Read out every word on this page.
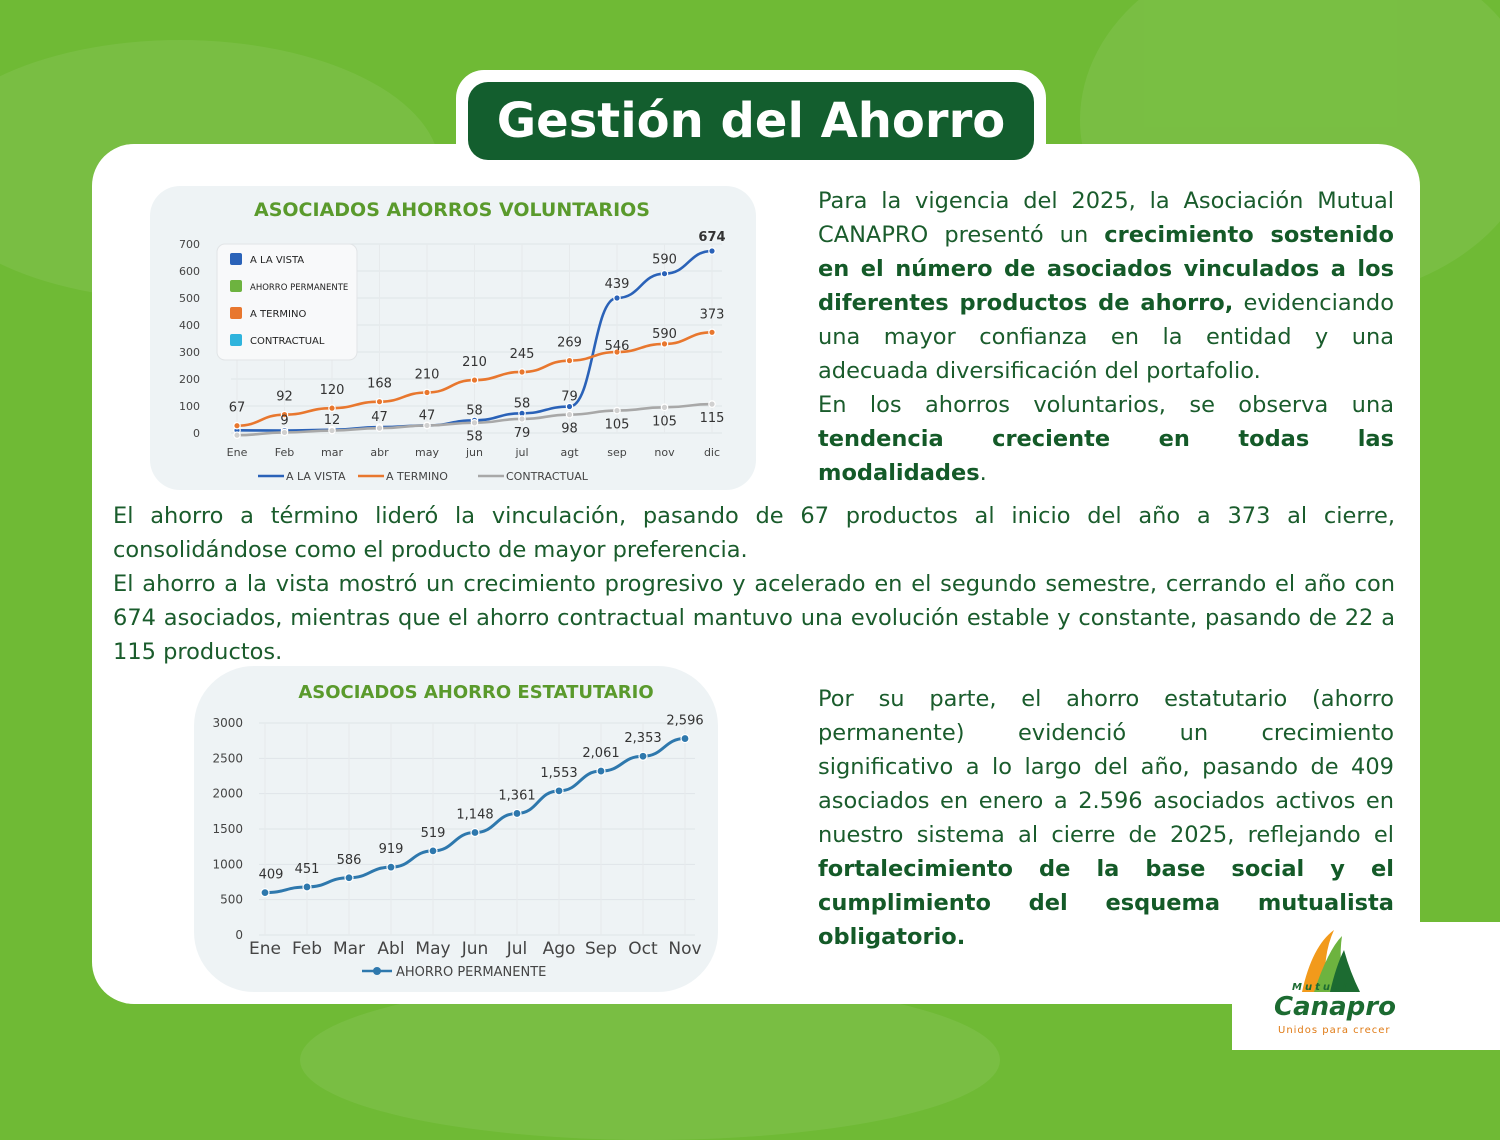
Gestión del Ahorro
ASOCIADOS AHORROS VOLUNTARIOS
0
100
200
300
400
500
600
700
Ene Feb mar abr may jun	jul	agt	sep	nov	dic
9	12 47 47 58 58 79
439
590
674
67
92 120 168
210
210
245
269 546
590
373
58 79 98 105 105 115
A LA VISTA
AHORRO PERMANENTE
A TERMINO
CONTRACTUAL
A LA VISTA	A TERMINO	CONTRACTUAL
ASOCIADOS AHORRO ESTATUTARIO
0
500
1000
1500
2000
2500
3000
Ene Feb Mar Abl May Jun Jul Ago Sep Oct Nov
409 451
586
919
519
1,148
1,361
1,553
2,061
2,353
2,596
AHORRO PERMANENTE

Para la vigencia del 2025, la Asociación Mutual CANAPRO presentó un crecimiento sostenido en el número de asociados vinculados a los diferentes productos de ahorro, evidenciando una mayor confianza en la entidad y una adecuada diversificación del portafolio.
En los ahorros voluntarios, se observa una tendencia creciente en todas las modalidades.

El ahorro a término lideró la vinculación, pasando de 67 productos al inicio del año a 373 al cierre, consolidándose como el producto de mayor preferencia.
El ahorro a la vista mostró un crecimiento progresivo y acelerado en el segundo semestre, cerrando el año con 674 asociados, mientras que el ahorro contractual mantuvo una evolución estable y constante, pasando de 22 a 115 productos.

Por su parte, el ahorro estatutario (ahorro permanente) evidenció un crecimiento significativo a lo largo del año, pasando de 409 asociados en enero a 2.596 asociados activos en nuestro sistema al cierre de 2025, reflejando el fortalecimiento de la base social y el cumplimiento del esquema mutualista obligatorio.

Mutual
Canapro
Unidos para crecer
